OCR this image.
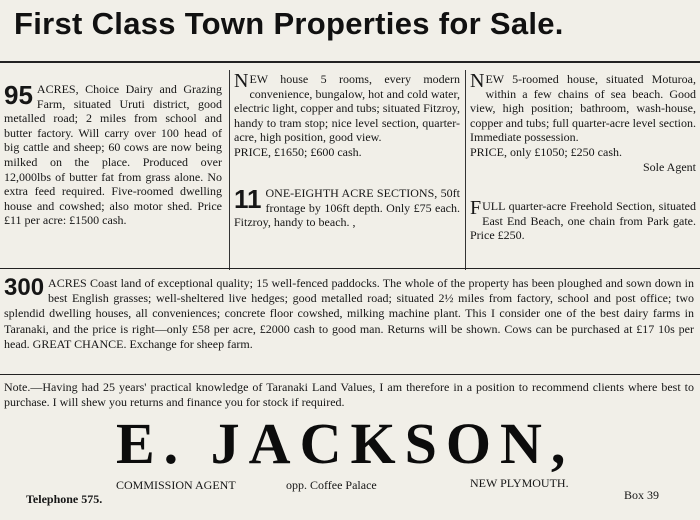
First Class Town Properties for Sale.

95 ACRES, Choice Dairy and Grazing Farm, situated Uruti district, good metalled road; 2 miles from school and butter factory. Will carry over 100 head of big cattle and sheep; 60 cows are now being milked on the place. Produced over 12,000lbs of butter fat from grass alone. No extra feed required. Five-roomed dwelling house and cowshed; also motor shed. Price £11 per acre: £1500 cash.

NEW house 5 rooms, every modern convenience, bungalow, hot and cold water, electric light, copper and tubs; situated Fitzroy, handy to tram stop; nice level section, quarter-acre, high position, good view.

PRICE, £1650; £600 cash.

11 ONE-EIGHTH ACRE SECTIONS, 50ft frontage by 106ft depth. Only £75 each. Fitzroy, handy to beach. ,

NEW 5-roomed house, situated Moturoa, within a few chains of sea beach. Good view, high position; bathroom, wash-house, copper and tubs; full quarter-acre level section. Immediate possession.

PRICE, only £1050; £250 cash.

Sole Agent

FULL quarter-acre Freehold Section, situated East End Beach, one chain from Park gate. Price £250.

300 ACRES Coast land of exceptional quality; 15 well-fenced paddocks. The whole of the property has been ploughed and sown down in best English grasses; well-sheltered live hedges; good metalled road; situated 2½ miles from factory, school and post office; two splendid dwelling houses, all conveniences; concrete floor cowshed, milking machine plant. This I consider one of the best dairy farms in Taranaki, and the price is right—only £58 per acre, £2000 cash to good man. Returns will be shown. Cows can be purchased at £17 10s per head. GREAT CHANCE. Exchange for sheep farm.
Note.—Having had 25 years' practical knowledge of Taranaki Land Values, I am therefore in a position to recommend clients where best to purchase. I will shew you returns and finance you for stock if required.
E. JACKSON,
COMMISSION AGENT	opp. Coffee Palace	NEW PLYMOUTH.
Telephone 575.	Box 39
